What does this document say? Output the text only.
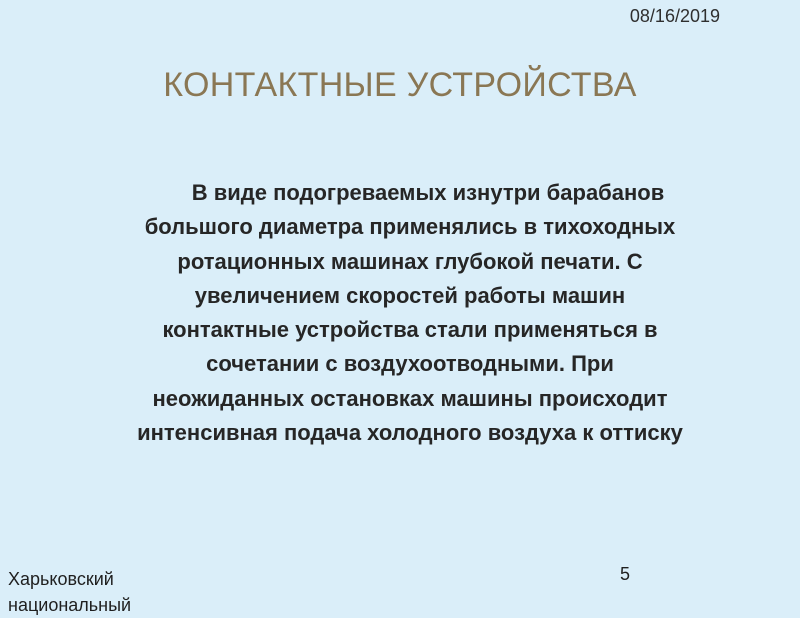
08/16/2019
КОНТАКТНЫЕ УСТРОЙСТВА
В виде подогреваемых изнутри барабанов
большого диаметра применялись в тихоходных
ротационных машинах глубокой печати. С
увеличением скоростей работы машин
контактные устройства стали применяться в
сочетании с воздухоотводными. При
неожиданных остановках машины происходит
интенсивная подача холодного воздуха к оттиску
Харьковский
национальный
5
